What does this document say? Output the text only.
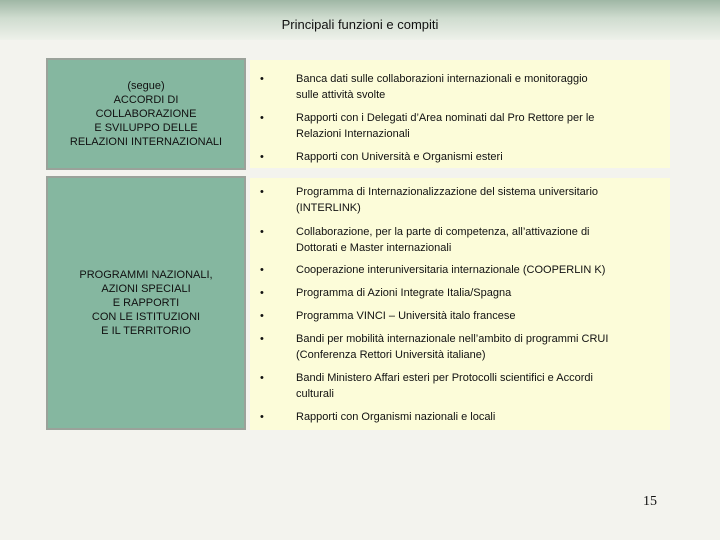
Principali funzioni e compiti
(segue)
ACCORDI DI
COLLABORAZIONE
E SVILUPPO DELLE
RELAZIONI INTERNAZIONALI
•	Banca dati sulle collaborazioni internazionali e monitoraggio
sulle attività svolte
•	Rapporti con i Delegati d’Area nominati dal Pro Rettore per le
Relazioni Internazionali
•	Rapporti con Università e Organismi esteri
PROGRAMMI NAZIONALI,
AZIONI SPECIALI
E RAPPORTI
CON LE ISTITUZIONI
E IL TERRITORIO
•	Programma di Internazionalizzazione del sistema universitario
(INTERLINK)
•	Collaborazione, per la parte di competenza, all’attivazione di
Dottorati e Master internazionali
•	Cooperazione interuniversitaria internazionale (COOPERLIN K)
•	Programma di Azioni Integrate Italia/Spagna
•	Programma VINCI – Università italo francese
•	Bandi per mobilità internazionale nell’ambito di programmi CRUI
(Conferenza Rettori Università italiane)
•	Bandi Ministero Affari esteri per Protocolli scientifici e Accordi
culturali
•	Rapporti con Organismi nazionali e locali
15
